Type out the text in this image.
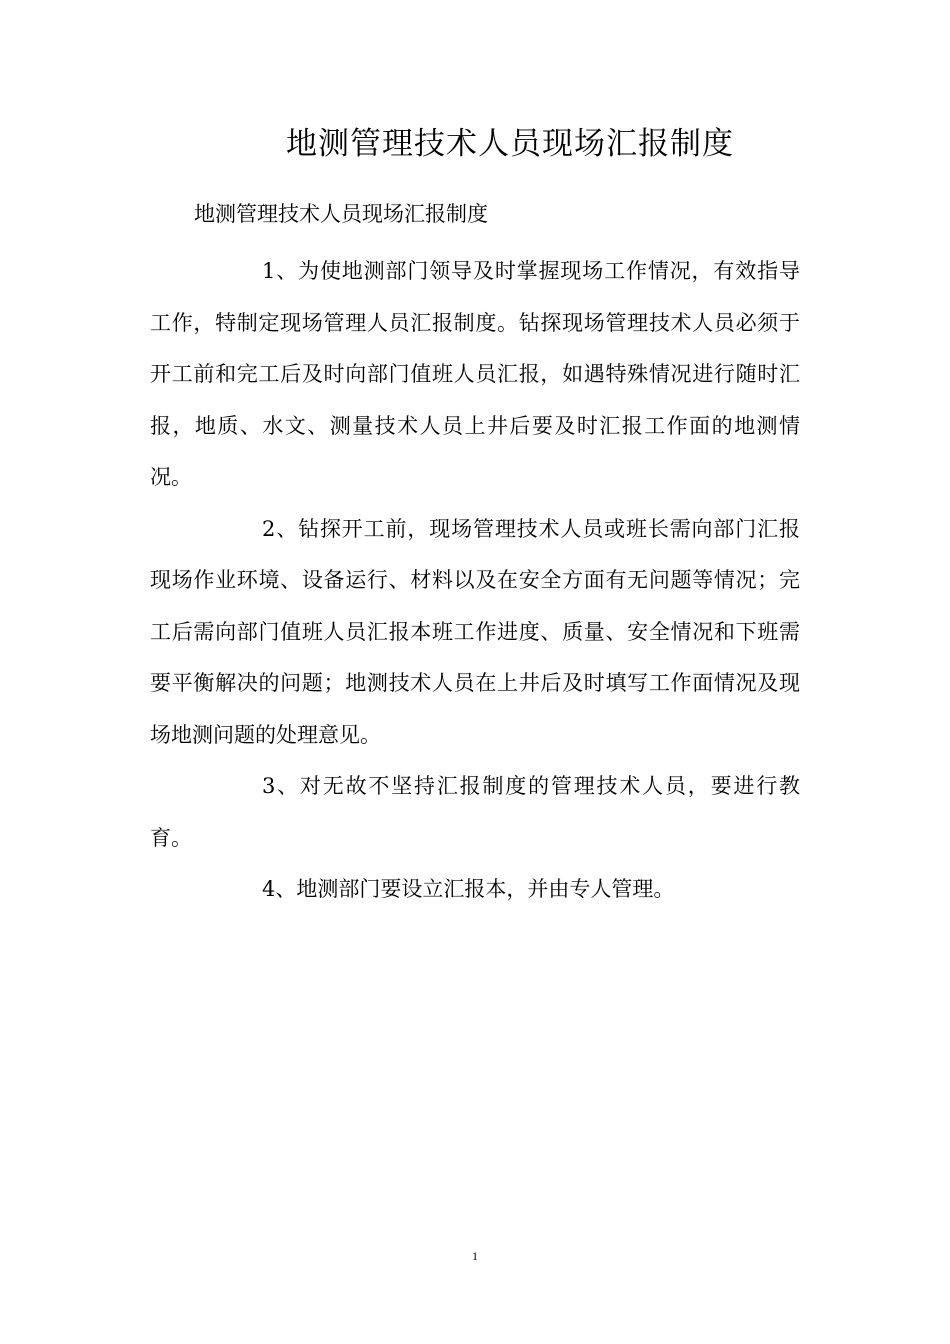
地测管理技术人员现场汇报制度

地测管理技术人员现场汇报制度

1、为使地测部门领导及时掌握现场工作情况，有效指导工作，特制定现场管理人员汇报制度。钻探现场管理技术人员必须于开工前和完工后及时向部门值班人员汇报，如遇特殊情况进行随时汇报，地质、水文、测量技术人员上井后要及时汇报工作面的地测情况。

2、钻探开工前，现场管理技术人员或班长需向部门汇报现场作业环境、设备运行、材料以及在安全方面有无问题等情况；完工后需向部门值班人员汇报本班工作进度、质量、安全情况和下班需要平衡解决的问题；地测技术人员在上井后及时填写工作面情况及现场地测问题的处理意见。

3、对无故不坚持汇报制度的管理技术人员，要进行教育。

4、地测部门要设立汇报本，并由专人管理。

1
